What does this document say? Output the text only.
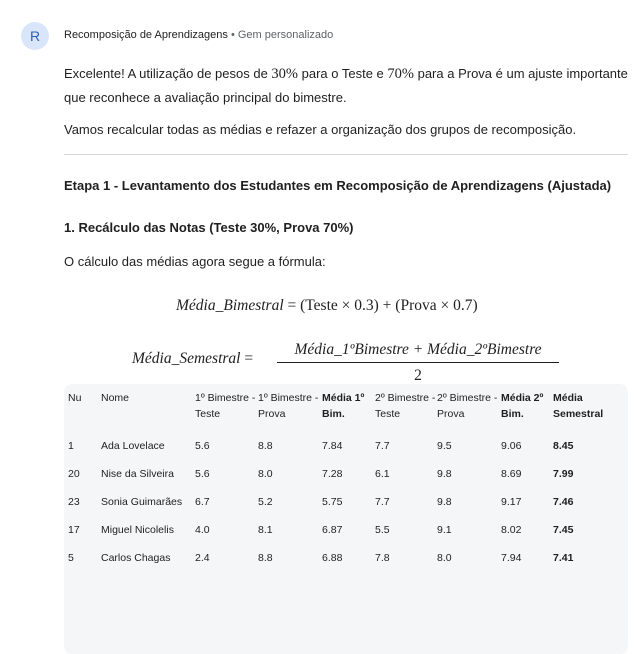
R	Recomposição de Aprendizagens • Gem personalizado
Excelente! A utilização de pesos de 30% para o Teste e 70% para a Prova é um ajuste importante que reconhece a avaliação principal do bimestre.
Vamos recalcular todas as médias e refazer a organização dos grupos de recomposição.
Etapa 1 - Levantamento dos Estudantes em Recomposição de Aprendizagens (Ajustada)
1. Recálculo das Notas (Teste 30%, Prova 70%)
O cálculo das médias agora segue a fórmula:
Média_Bimestral = (Teste × 0.3) + (Prova × 0.7)
Média_Semestral =
Média_1ºBimestre + Média_2ºBimestre
2
Nu	Nome	1º Bimestre - Teste	1º Bimestre - Prova	Média 1º Bim.	2º Bimestre - Teste	2º Bimestre - Prova	Média 2º Bim.	Média Semestral
1	Ada Lovelace	5.6	8.8	7.84	7.7	9.5	9.06	8.45
20	Nise da Silveira	5.6	8.0	7.28	6.1	9.8	8.69	7.99
23	Sonia Guimarães	6.7	5.2	5.75	7.7	9.8	9.17	7.46
17	Miguel Nicolelis	4.0	8.1	6.87	5.5	9.1	8.02	7.45
5	Carlos Chagas	2.4	8.8	6.88	7.8	8.0	7.94	7.41
